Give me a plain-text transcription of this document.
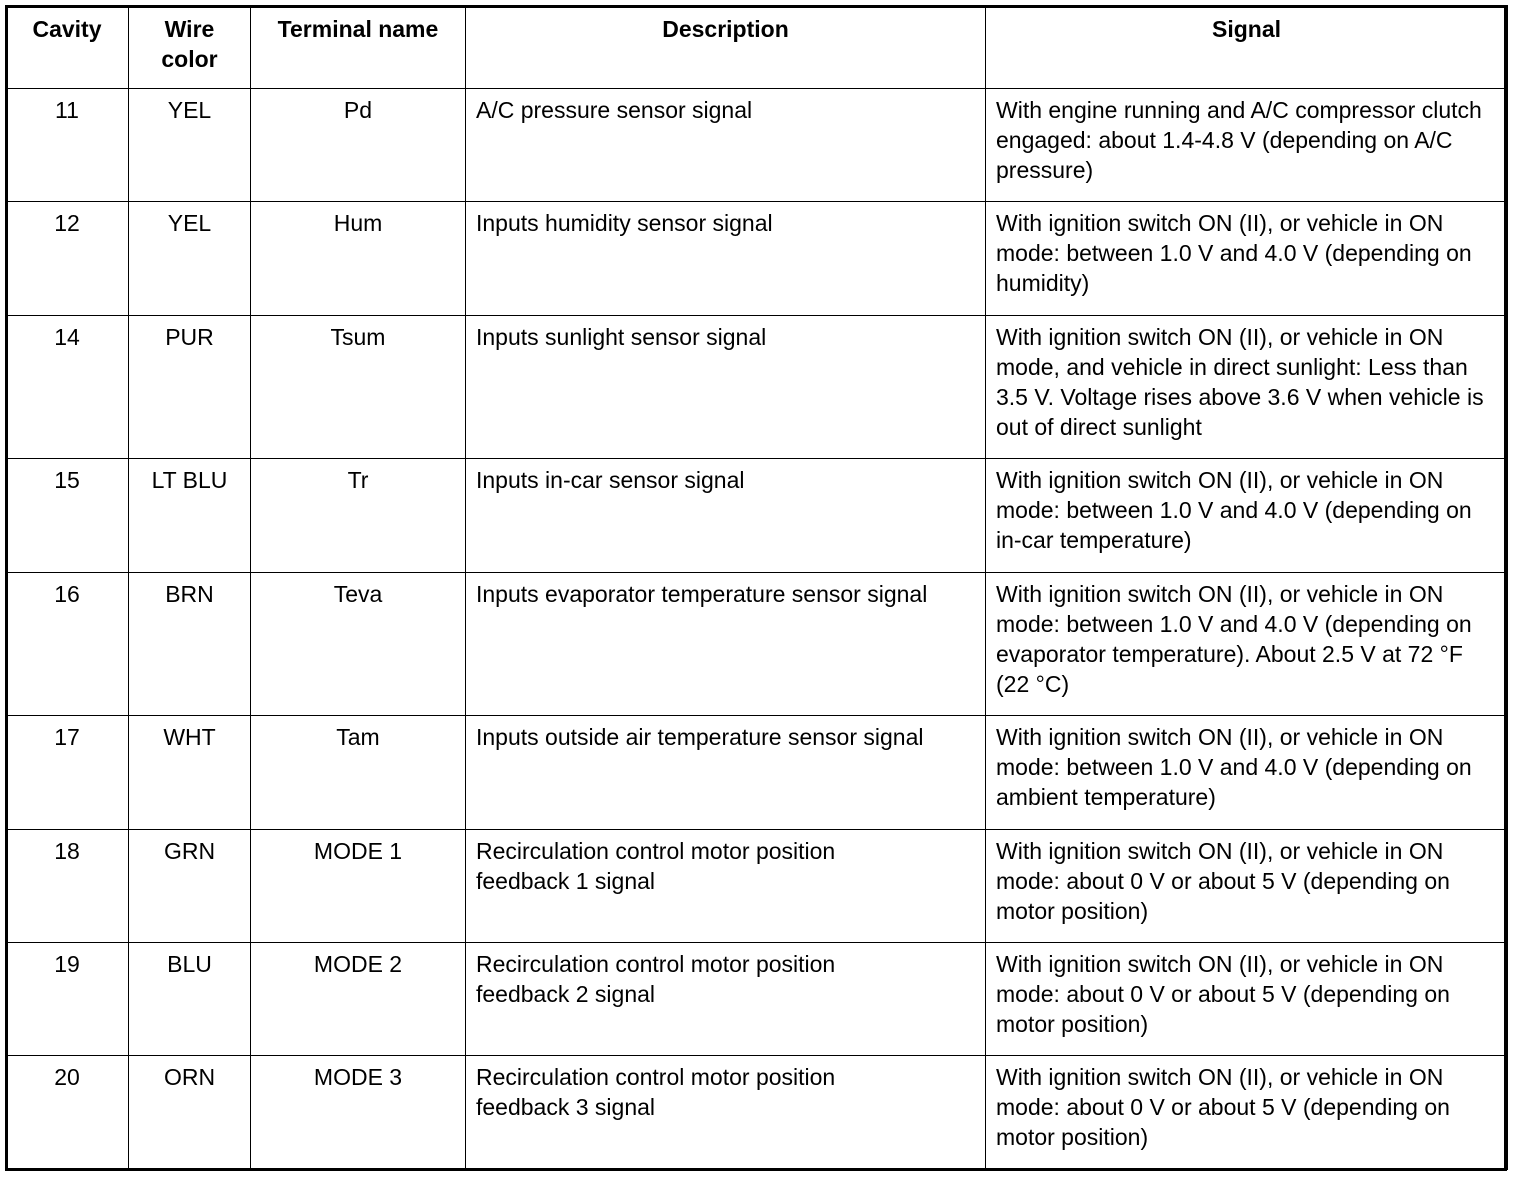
Cavity	Wire color	Terminal name	Description	Signal
11	YEL	Pd	A/C pressure sensor signal	With engine running and A/C compressor clutch engaged: about 1.4-4.8 V (depending on A/C pressure)
12	YEL	Hum	Inputs humidity sensor signal	With ignition switch ON (II), or vehicle in ON mode: between 1.0 V and 4.0 V (depending on humidity)
14	PUR	Tsum	Inputs sunlight sensor signal	With ignition switch ON (II), or vehicle in ON mode, and vehicle in direct sunlight: Less than 3.5 V. Voltage rises above 3.6 V when vehicle is out of direct sunlight
15	LT BLU	Tr	Inputs in-car sensor signal	With ignition switch ON (II), or vehicle in ON mode: between 1.0 V and 4.0 V (depending on in-car temperature)
16	BRN	Teva	Inputs evaporator temperature sensor signal	With ignition switch ON (II), or vehicle in ON mode: between 1.0 V and 4.0 V (depending on evaporator temperature). About 2.5 V at 72 °F (22 °C)
17	WHT	Tam	Inputs outside air temperature sensor signal	With ignition switch ON (II), or vehicle in ON mode: between 1.0 V and 4.0 V (depending on ambient temperature)
18	GRN	MODE 1	Recirculation control motor position feedback 1 signal	With ignition switch ON (II), or vehicle in ON mode: about 0 V or about 5 V (depending on motor position)
19	BLU	MODE 2	Recirculation control motor position feedback 2 signal	With ignition switch ON (II), or vehicle in ON mode: about 0 V or about 5 V (depending on motor position)
20	ORN	MODE 3	Recirculation control motor position feedback 3 signal	With ignition switch ON (II), or vehicle in ON mode: about 0 V or about 5 V (depending on motor position)
